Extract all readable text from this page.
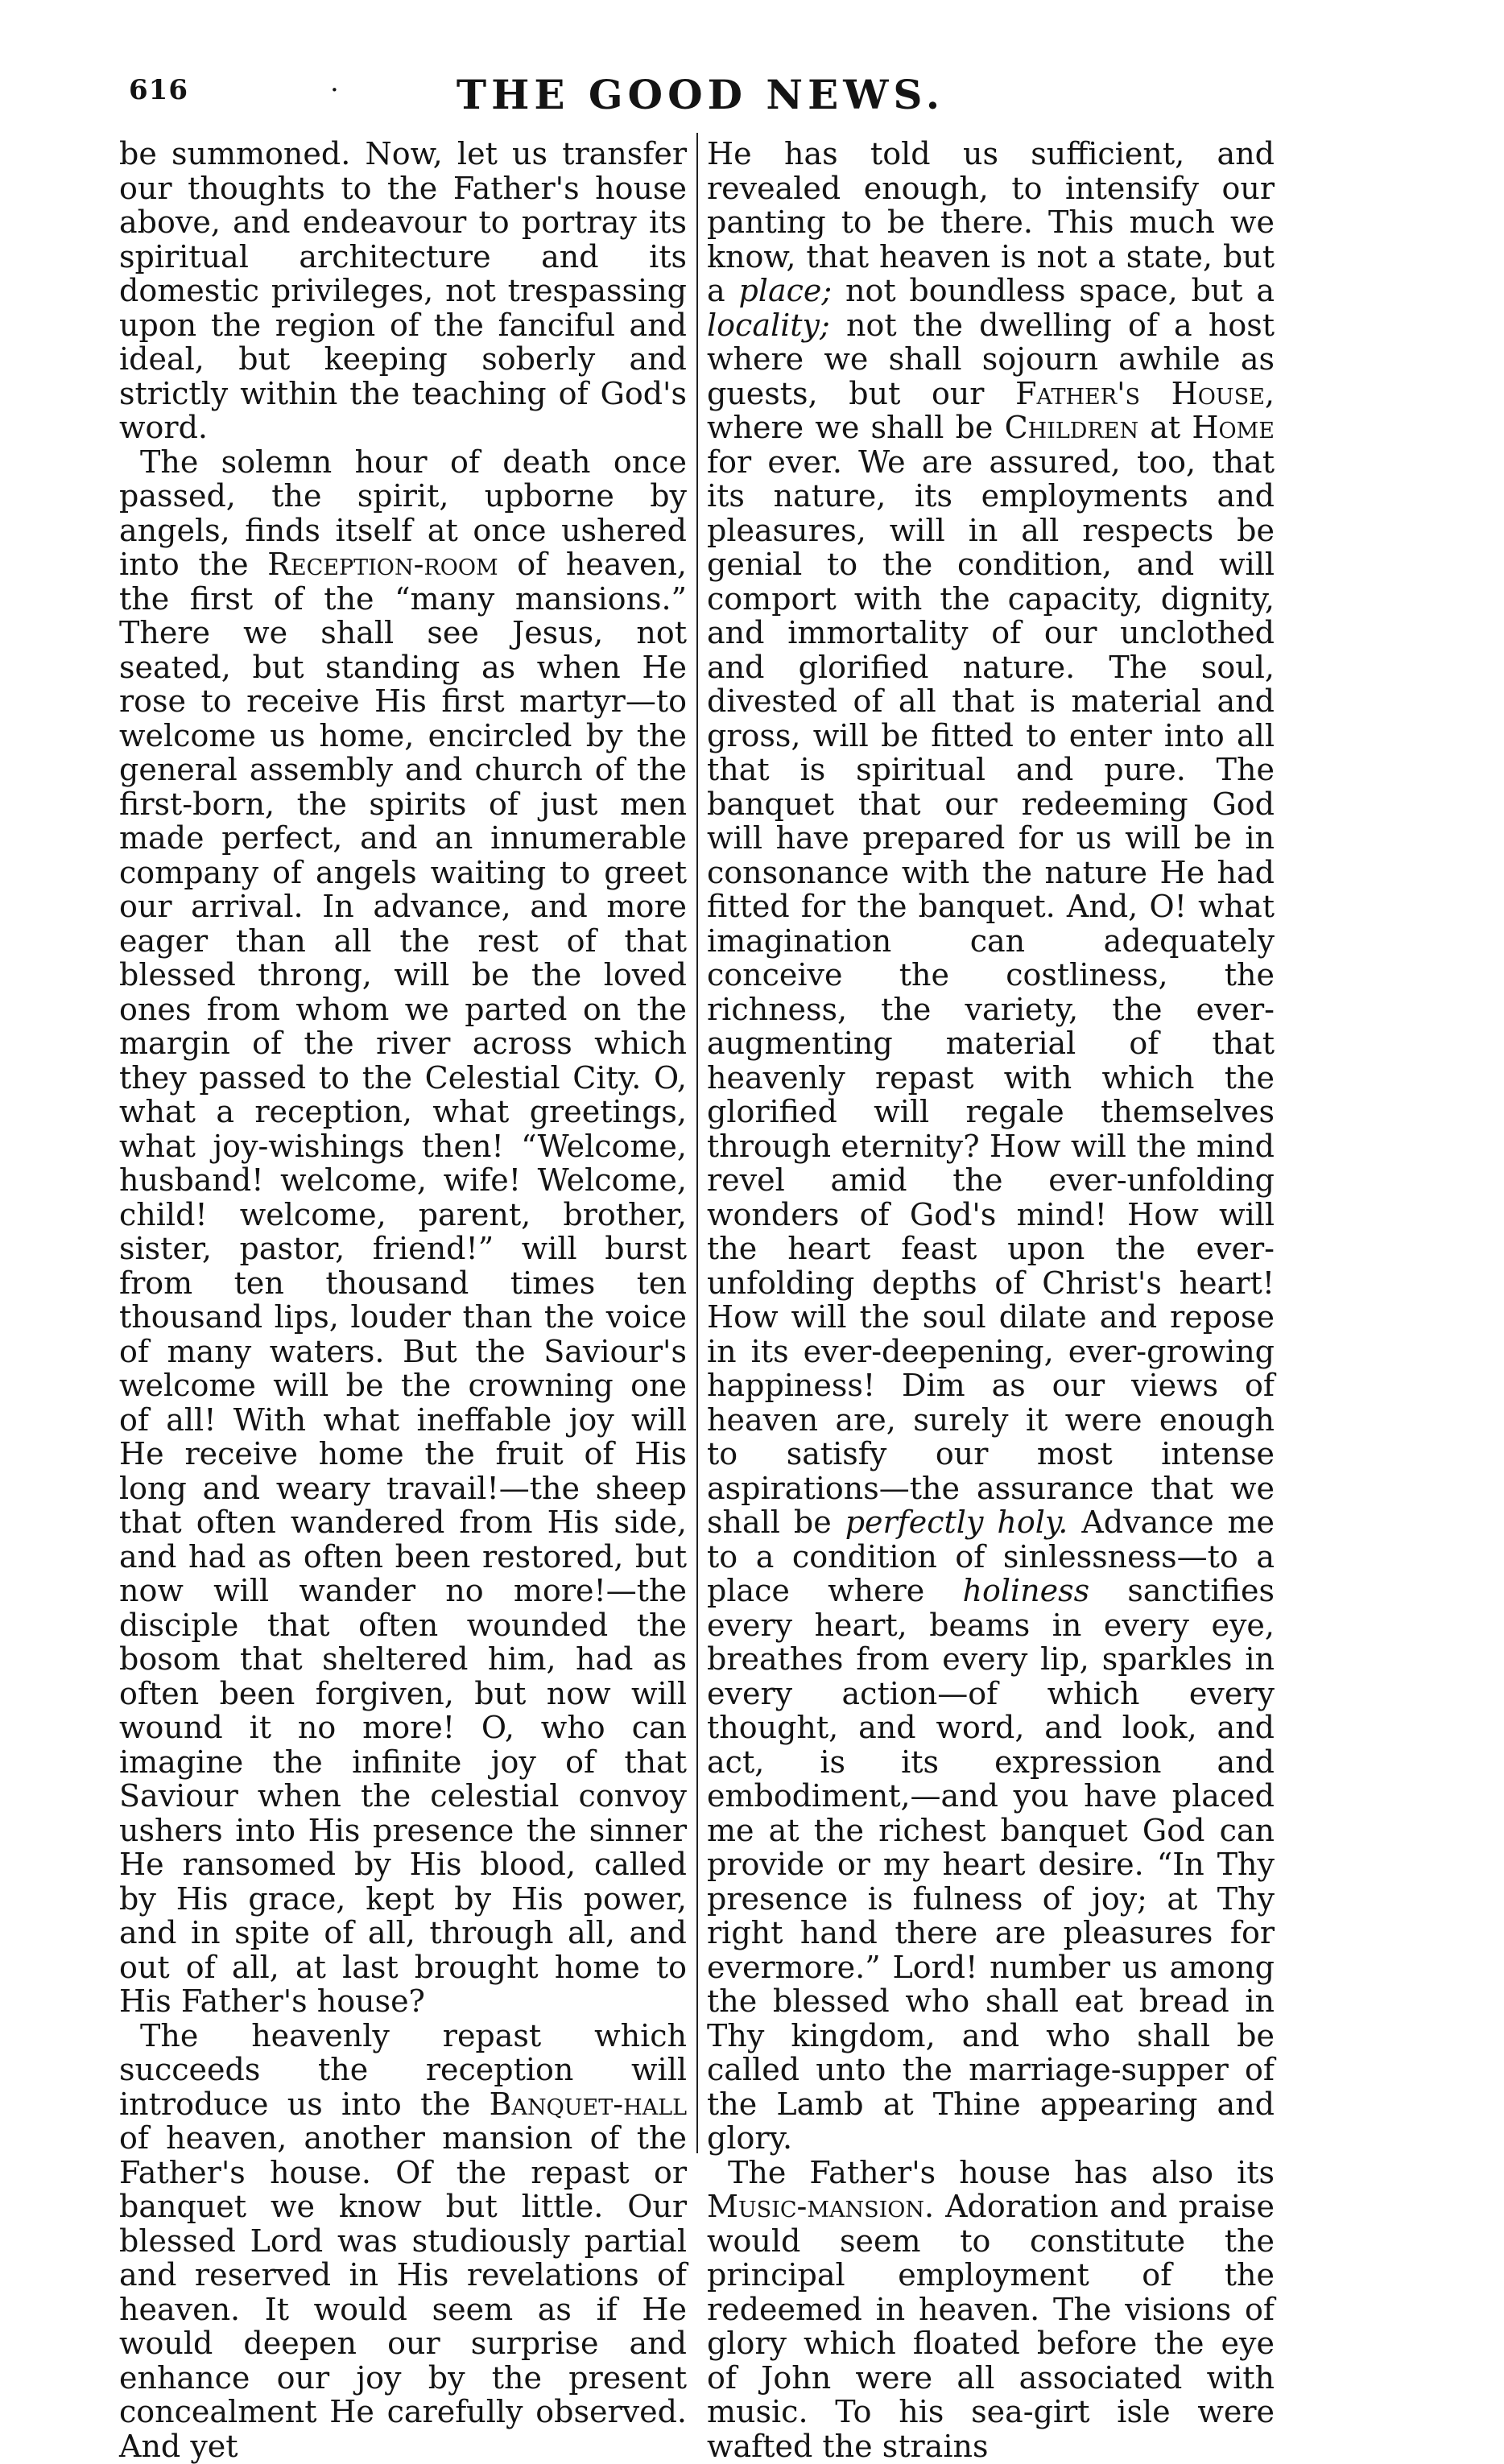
616	·	THE GOOD NEWS.

be summoned. Now, let us transfer our thoughts to the Father's house above, and endeavour to portray its spiritual architecture and its domestic privileges, not trespassing upon the region of the fanciful and ideal, but keeping soberly and strictly within the teaching of God's word.

The solemn hour of death once passed, the spirit, upborne by angels, finds itself at once ushered into the Reception-room of heaven, the first of the “many mansions.” There we shall see Jesus, not seated, but standing as when He rose to receive His first martyr—to welcome us home, encircled by the general assembly and church of the first-born, the spirits of just men made perfect, and an innumerable company of angels waiting to greet our arrival. In advance, and more eager than all the rest of that blessed throng, will be the loved ones from whom we parted on the margin of the river across which they passed to the Celestial City. O, what a reception, what greetings, what joy-wishings then! “Welcome, husband! welcome, wife! Welcome, child! welcome, parent, brother, sister, pastor, friend!” will burst from ten thousand times ten thousand lips, louder than the voice of many waters. But the Saviour's welcome will be the crowning one of all! With what ineffable joy will He receive home the fruit of His long and weary travail!—the sheep that often wandered from His side, and had as often been restored, but now will wander no more!—the disciple that often wounded the bosom that sheltered him, had as often been forgiven, but now will wound it no more! O, who can imagine the infinite joy of that Saviour when the celestial convoy ushers into His presence the sinner He ransomed by His blood, called by His grace, kept by His power, and in spite of all, through all, and out of all, at last brought home to His Father's house?

The heavenly repast which succeeds the reception will introduce us into the Banquet-hall of heaven, another mansion of the Father's house. Of the repast or banquet we know but little. Our blessed Lord was studiously partial and reserved in His revelations of heaven. It would seem as if He would deepen our surprise and enhance our joy by the present concealment He carefully observed. And yet

He has told us sufficient, and revealed enough, to intensify our panting to be there. This much we know, that heaven is not a state, but a place; not boundless space, but a locality; not the dwelling of a host where we shall sojourn awhile as guests, but our Father's House, where we shall be Children at Home for ever. We are assured, too, that its nature, its employments and pleasures, will in all respects be genial to the condition, and will comport with the capacity, dignity, and immortality of our unclothed and glorified nature. The soul, divested of all that is material and gross, will be fitted to enter into all that is spiritual and pure. The banquet that our redeeming God will have prepared for us will be in consonance with the nature He had fitted for the banquet. And, O! what imagination can adequately conceive the costliness, the richness, the variety, the ever-augmenting material of that heavenly repast with which the glorified will regale themselves through eternity? How will the mind revel amid the ever-unfolding wonders of God's mind! How will the heart feast upon the ever-unfolding depths of Christ's heart! How will the soul dilate and repose in its ever-deepening, ever-growing happiness! Dim as our views of heaven are, surely it were enough to satisfy our most intense aspirations—the assurance that we shall be perfectly holy. Advance me to a condition of sinlessness—to a place where holiness sanctifies every heart, beams in every eye, breathes from every lip, sparkles in every action—of which every thought, and word, and look, and act, is its expression and embodiment,—and you have placed me at the richest banquet God can provide or my heart desire. “In Thy presence is fulness of joy; at Thy right hand there are pleasures for evermore.” Lord! number us among the blessed who shall eat bread in Thy kingdom, and who shall be called unto the marriage-supper of the Lamb at Thine appearing and glory.

The Father's house has also its Music-mansion. Adoration and praise would seem to constitute the principal employment of the redeemed in heaven. The visions of glory which floated before the eye of John were all associated with music. To his sea-girt isle were wafted the strains
